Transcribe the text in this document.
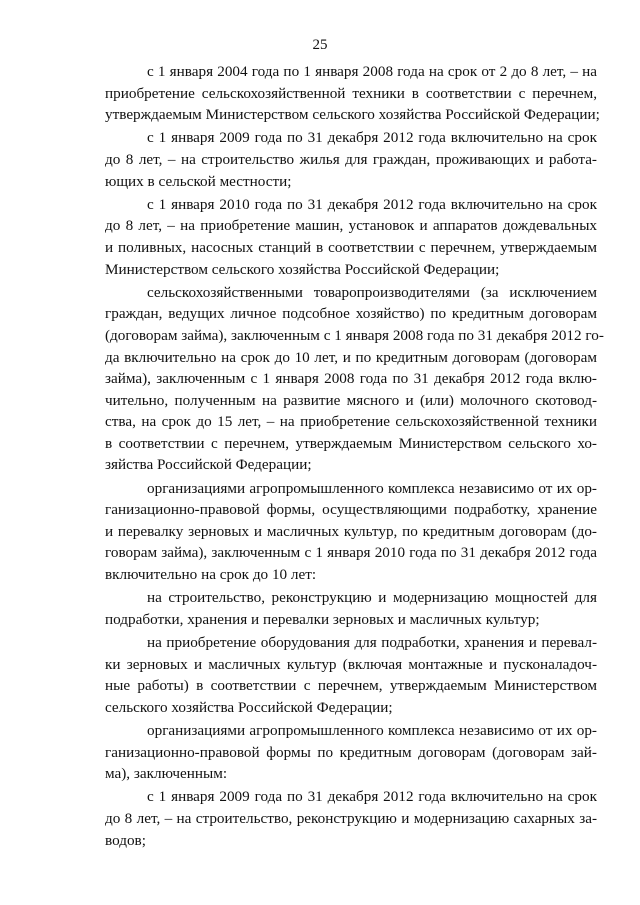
25
с 1 января 2004 года по 1 января 2008 года на срок от 2 до 8 лет, – на
приобретение сельскохозяйственной техники в соответствии с перечнем,
утверждаемым Министерством сельского хозяйства Российской Федерации;
с 1 января 2009 года по 31 декабря 2012 года включительно на срок
до 8 лет, – на строительство жилья для граждан, проживающих и работа-
ющих в сельской местности;
с 1 января 2010 года по 31 декабря 2012 года включительно на срок
до 8 лет, – на приобретение машин, установок и аппаратов дождевальных
и поливных, насосных станций в соответствии с перечнем, утверждаемым
Министерством сельского хозяйства Российской Федерации;
сельскохозяйственными товаропроизводителями (за исключением
граждан, ведущих личное подсобное хозяйство) по кредитным договорам
(договорам займа), заключенным с 1 января 2008 года по 31 декабря 2012 го-
да включительно на срок до 10 лет, и по кредитным договорам (договорам
займа), заключенным с 1 января 2008 года по 31 декабря 2012 года вклю-
чительно, полученным на развитие мясного и (или) молочного скотовод-
ства, на срок до 15 лет, – на приобретение сельскохозяйственной техники
в соответствии с перечнем, утверждаемым Министерством сельского хо-
зяйства Российской Федерации;
организациями агропромышленного комплекса независимо от их ор-
ганизационно-правовой формы, осуществляющими подработку, хранение
и перевалку зерновых и масличных культур, по кредитным договорам (до-
говорам займа), заключенным с 1 января 2010 года по 31 декабря 2012 года
включительно на срок до 10 лет:
на строительство, реконструкцию и модернизацию мощностей для
подработки, хранения и перевалки зерновых и масличных культур;
на приобретение оборудования для подработки, хранения и перевал-
ки зерновых и масличных культур (включая монтажные и пусконаладоч-
ные работы) в соответствии с перечнем, утверждаемым Министерством
сельского хозяйства Российской Федерации;
организациями агропромышленного комплекса независимо от их ор-
ганизационно-правовой формы по кредитным договорам (договорам зай-
ма), заключенным:
с 1 января 2009 года по 31 декабря 2012 года включительно на срок
до 8 лет, – на строительство, реконструкцию и модернизацию сахарных за-
водов;
